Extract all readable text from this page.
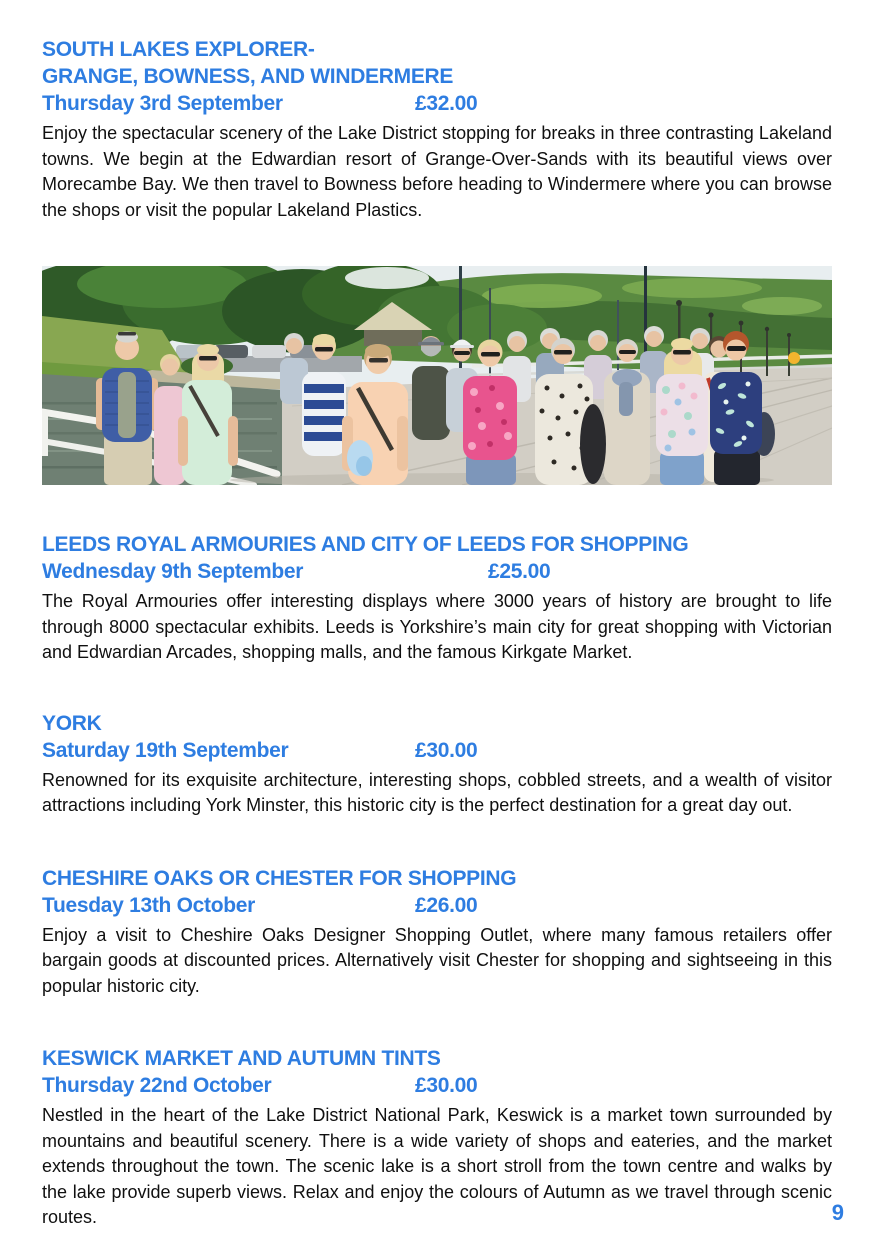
SOUTH LAKES EXPLORER-
GRANGE, BOWNESS, AND WINDERMERE
Thursday 3rd September	£32.00

Enjoy the spectacular scenery of the Lake District stopping for breaks in three contrasting Lakeland towns. We begin at the Edwardian resort of Grange-Over-Sands with its beautiful views over Morecambe Bay. We then travel to Bowness before heading to Windermere where you can browse the shops or visit the popular Lakeland Plastics.

LEEDS ROYAL ARMOURIES AND CITY OF LEEDS FOR SHOPPING
Wednesday 9th September	£25.00

The Royal Armouries offer interesting displays where 3000 years of history are brought to life through 8000 spectacular exhibits. Leeds is Yorkshire’s main city for great shopping with Victorian and Edwardian Arcades, shopping malls, and the famous Kirkgate Market.

YORK
Saturday 19th September	£30.00

Renowned for its exquisite architecture, interesting shops, cobbled streets, and a wealth of visitor attractions including York Minster, this historic city is the perfect destination for a great day out.

CHESHIRE OAKS OR CHESTER FOR SHOPPING
Tuesday 13th October	£26.00

Enjoy a visit to Cheshire Oaks Designer Shopping Outlet, where many famous retailers offer bargain goods at discounted prices. Alternatively visit Chester for shopping and sightseeing in this popular historic city.

KESWICK MARKET AND AUTUMN TINTS
Thursday 22nd October	£30.00

Nestled in the heart of the Lake District National Park, Keswick is a market town surrounded by mountains and beautiful scenery. There is a wide variety of shops and eateries, and the market extends throughout the town. The scenic lake is a short stroll from the town centre and walks by the lake provide superb views. Relax and enjoy the colours of Autumn as we travel through scenic routes.	9
